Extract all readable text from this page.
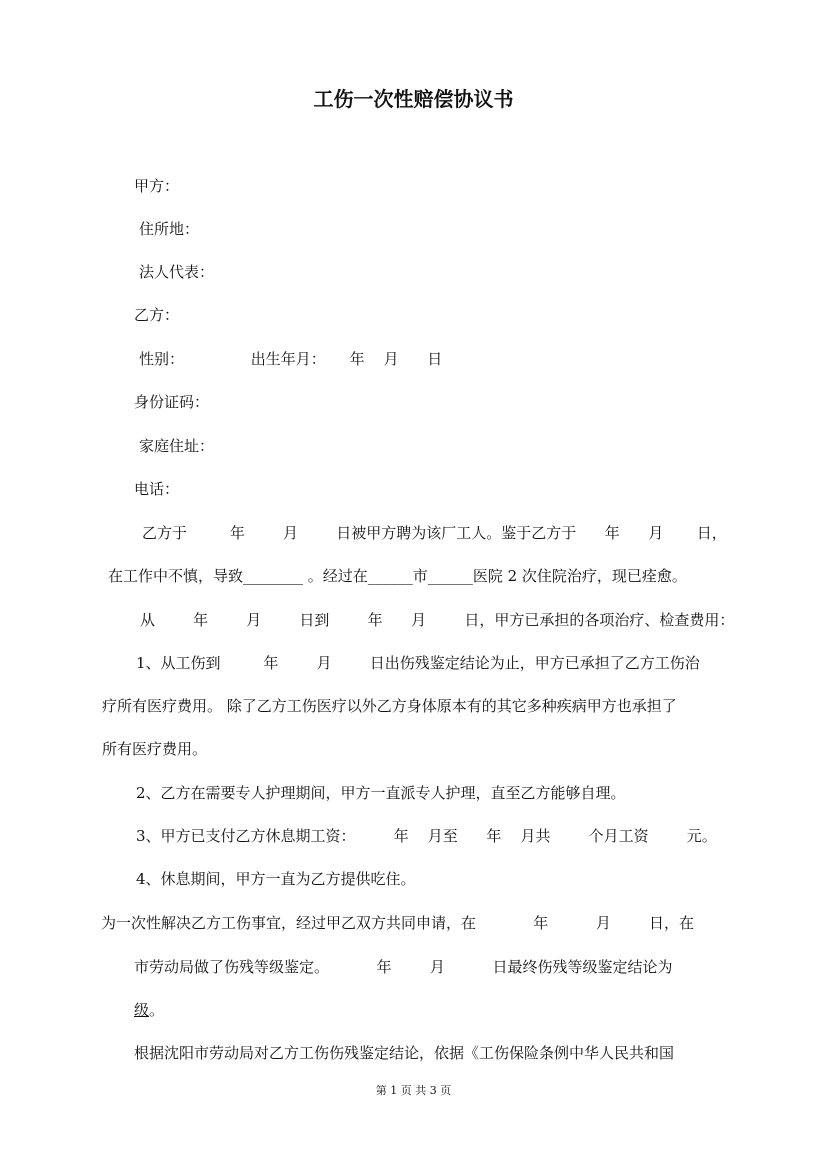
工伤一次性赔偿协议书

甲方：

住所地：

法人代表：

乙方：

性别：              出生年月：     年    月      日

身份证码：

家庭住址：

电话：

乙方于         年        月        日被甲方聘为该厂工人。鉴于乙方于      年      月       日，

在工作中不慎，导致________ 。经过在______市______医院 2 次住院治疗，现已痊愈。

从        年        月        日到        年      月        日，甲方已承担的各项治疗、检查费用：

1、从工伤到         年        月        日出伤残鉴定结论为止，甲方已承担了乙方工伤治

疗所有医疗费用。 除了乙方工伤医疗以外乙方身体原本有的其它多种疾病甲方也承担了

所有医疗费用。

2、乙方在需要专人护理期间，甲方一直派专人护理，直至乙方能够自理。

3、甲方已支付乙方休息期工资：        年    月至      年    月共        个月工资        元。

4、休息期间，甲方一直为乙方提供吃住。

为一次性解决乙方工伤事宜，经过甲乙双方共同申请，在            年          月        日，在

市劳动局做了伤残等级鉴定。          年        月          日最终伤残等级鉴定结论为

级。

根据沈阳市劳动局对乙方工伤伤残鉴定结论，依据《工伤保险条例中华人民共和国

第 1 页 共 3 页
